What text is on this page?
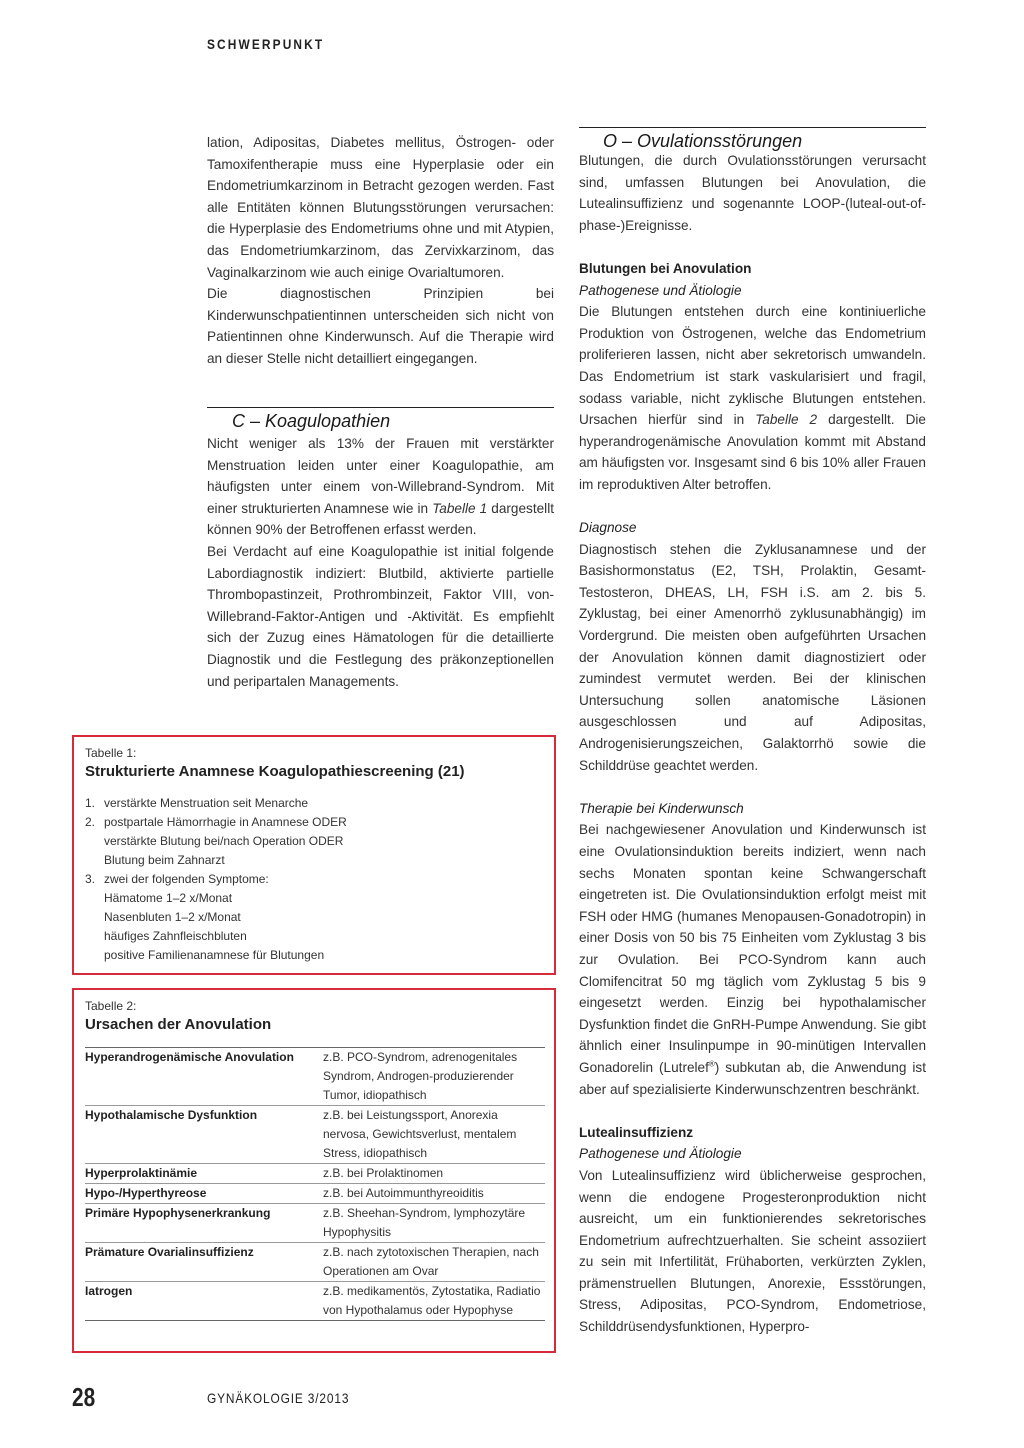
SCHWERPUNKT

lation, Adipositas, Diabetes mellitus, Östrogen- oder Tamoxifentherapie muss eine Hyperplasie oder ein Endometriumkarzinom in Betracht gezogen werden. Fast alle Entitäten können Blutungsstörungen verursachen: die Hyperplasie des Endometriums ohne und mit Atypien, das Endometriumkarzinom, das Zervixkarzinom, das Vaginalkarzinom wie auch einige Ovarialtumoren.

Die diagnostischen Prinzipien bei Kinderwunschpatientinnen unterscheiden sich nicht von Patientinnen ohne Kinderwunsch. Auf die Therapie wird an dieser Stelle nicht detailliert eingegangen.

C – Koagulopathien

Nicht weniger als 13% der Frauen mit verstärkter Menstruation leiden unter einer Koagulopathie, am häufigsten unter einem von-Willebrand-Syndrom. Mit einer strukturierten Anamnese wie in Tabelle 1 dargestellt können 90% der Betroffenen erfasst werden.

Bei Verdacht auf eine Koagulopathie ist initial folgende Labordiagnostik indiziert: Blutbild, aktivierte partielle Thrombopastinzeit, Prothrombinzeit, Faktor VIII, von-Willebrand-Faktor-Antigen und -Aktivität. Es empfiehlt sich der Zuzug eines Hämatologen für die detaillierte Diagnostik und die Festlegung des präkonzeptionellen und peripartalen Managements.

Tabelle 1:
Strukturierte Anamnese Koagulopathiescreening (21)
1. verstärkte Menstruation seit Menarche
2. postpartale Hämorrhagie in Anamnese ODER
verstärkte Blutung bei/nach Operation ODER
Blutung beim Zahnarzt
3. zwei der folgenden Symptome:
Hämatome 1–2 x/Monat
Nasenbluten 1–2 x/Monat
häufiges Zahnfleischbluten
positive Familienanamnese für Blutungen
Tabelle 2:
Ursachen der Anovulation
Hyperandrogenämische Anovulation	z.B. PCO-Syndrom, adrenogenitales Syndrom, Androgen-produzierender Tumor, idiopathisch
Hypothalamische Dysfunktion	z.B. bei Leistungssport, Anorexia nervosa, Gewichtsverlust, mentalem Stress, idiopathisch
Hyperprolaktinämie	z.B. bei Prolaktinomen
Hypo-/Hyperthyreose	z.B. bei Autoimmunthyreoiditis
Primäre Hypophysenerkrankung	z.B. Sheehan-Syndrom, lymphozytäre Hypophysitis
Prämature Ovarialinsuffizienz	z.B. nach zytotoxischen Therapien, nach Operationen am Ovar
Iatrogen	z.B. medikamentös, Zytostatika, Radiatio von Hypothalamus oder Hypophyse
O – Ovulationsstörungen

Blutungen, die durch Ovulationsstörungen verursacht sind, umfassen Blutungen bei Anovulation, die Lutealinsuffizienz und sogenannte LOOP-(luteal-out-of-phase-)Ereignisse.

Blutungen bei Anovulation

Pathogenese und Ätiologie

Die Blutungen entstehen durch eine kontiniuerliche Produktion von Östrogenen, welche das Endometrium proliferieren lassen, nicht aber sekretorisch umwandeln. Das Endometrium ist stark vaskularisiert und fragil, sodass variable, nicht zyklische Blutungen entstehen. Ursachen hierfür sind in Tabelle 2 dargestellt. Die hyperandrogenämische Anovulation kommt mit Abstand am häufigsten vor. Insgesamt sind 6 bis 10% aller Frauen im reproduktiven Alter betroffen.

Diagnose

Diagnostisch stehen die Zyklusanamnese und der Basishormonstatus (E2, TSH, Prolaktin, Gesamt-Testosteron, DHEAS, LH, FSH i.S. am 2. bis 5. Zyklustag, bei einer Amenorrhö zyklusunabhängig) im Vordergrund. Die meisten oben aufgeführten Ursachen der Anovulation können damit diagnostiziert oder zumindest vermutet werden. Bei der klinischen Untersuchung sollen anatomische Läsionen ausgeschlossen und auf Adipositas, Androgenisierungszeichen, Galaktorrhö sowie die Schilddrüse geachtet werden.

Therapie bei Kinderwunsch

Bei nachgewiesener Anovulation und Kinderwunsch ist eine Ovulationsinduktion bereits indiziert, wenn nach sechs Monaten spontan keine Schwangerschaft eingetreten ist. Die Ovulationsinduktion erfolgt meist mit FSH oder HMG (humanes Menopausen-Gonadotropin) in einer Dosis von 50 bis 75 Einheiten vom Zyklustag 3 bis zur Ovulation. Bei PCO-Syndrom kann auch Clomifencitrat 50 mg täglich vom Zyklustag 5 bis 9 eingesetzt werden. Einzig bei hypothalamischer Dysfunktion findet die GnRH-Pumpe Anwendung. Sie gibt ähnlich einer Insulinpumpe in 90-minütigen Intervallen Gonadorelin (Lutrelef®) subkutan ab, die Anwendung ist aber auf spezialisierte Kinderwunschzentren beschränkt.

Lutealinsuffizienz

Pathogenese und Ätiologie

Von Lutealinsuffizienz wird üblicherweise gesprochen, wenn die endogene Progesteronproduktion nicht ausreicht, um ein funktionierendes sekretorisches Endometrium aufrechtzuerhalten. Sie scheint assoziiert zu sein mit Infertilität, Frühaborten, verkürzten Zyklen, prämenstruellen Blutungen, Anorexie, Essstörungen, Stress, Adipositas, PCO-Syndrom, Endometriose, Schilddrüsendysfunktionen, Hyperpro-

28	GYNÄKOLOGIE 3/2013
